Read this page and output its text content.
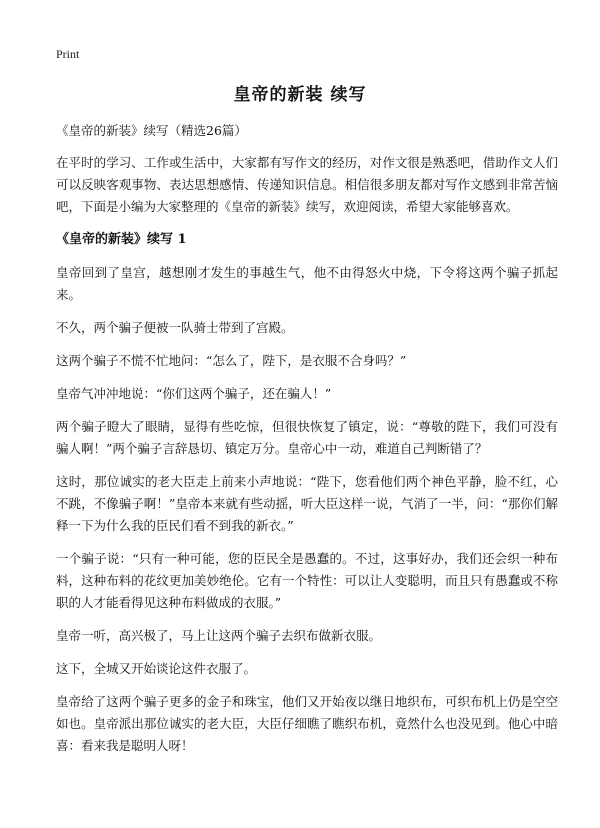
Print
皇帝的新装 续写

《皇帝的新装》续写（精选26篇）

在平时的学习、工作或生活中，大家都有写作文的经历，对作文很是熟悉吧，借助作文人们可以反映客观事物、表达思想感情、传递知识信息。相信很多朋友都对写作文感到非常苦恼吧，下面是小编为大家整理的《皇帝的新装》续写，欢迎阅读，希望大家能够喜欢。

《皇帝的新装》续写 1

皇帝回到了皇宫，越想刚才发生的事越生气，他不由得怒火中烧，下令将这两个骗子抓起来。

不久，两个骗子便被一队骑士带到了宫殿。

这两个骗子不慌不忙地问：“怎么了，陛下，是衣服不合身吗？”

皇帝气冲冲地说：“你们这两个骗子，还在骗人！”

两个骗子瞪大了眼睛，显得有些吃惊，但很快恢复了镇定，说：“尊敬的陛下，我们可没有骗人啊！”两个骗子言辞恳切、镇定万分。皇帝心中一动，难道自己判断错了？

这时，那位诚实的老大臣走上前来小声地说：“陛下，您看他们两个神色平静，脸不红，心不跳，不像骗子啊！”皇帝本来就有些动摇，听大臣这样一说，气消了一半，问：“那你们解释一下为什么我的臣民们看不到我的新衣。”

一个骗子说：“只有一种可能，您的臣民全是愚蠢的。不过，这事好办，我们还会织一种布料，这种布料的花纹更加美妙绝伦。它有一个特性：可以让人变聪明，而且只有愚蠢或不称职的人才能看得见这种布料做成的衣服。”

皇帝一听，高兴极了，马上让这两个骗子去织布做新衣服。

这下，全城又开始谈论这件衣服了。

皇帝给了这两个骗子更多的金子和珠宝，他们又开始夜以继日地织布，可织布机上仍是空空如也。皇帝派出那位诚实的老大臣，大臣仔细瞧了瞧织布机，竟然什么也没见到。他心中暗喜：看来我是聪明人呀！
